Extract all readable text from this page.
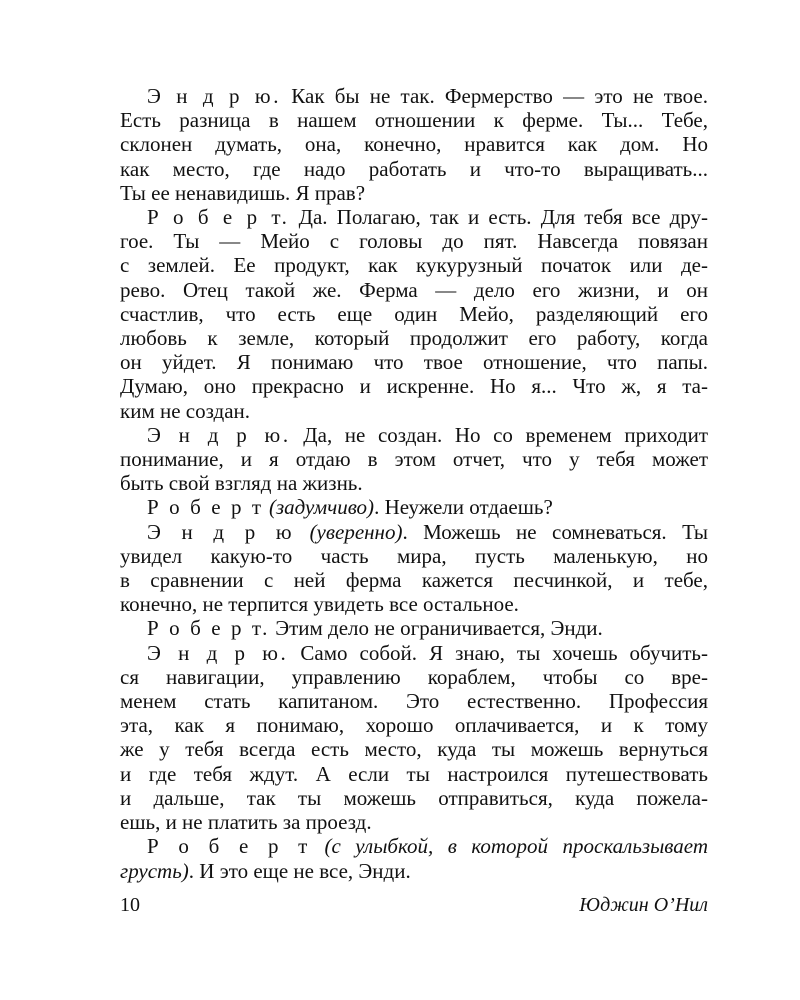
Э н д р ю. Как бы не так. Фермерство — это не твое.
Есть разница в нашем отношении к ферме. Ты... Тебе,
склонен думать, она, конечно, нравится как дом. Но
как место, где надо работать и что-то выращивать...
Ты ее ненавидишь. Я прав?

Р о б е р т. Да. Полагаю, так и есть. Для тебя все дру-
гое. Ты — Мейо с головы до пят. Навсегда повязан
с землей. Ее продукт, как кукурузный початок или де-
рево. Отец такой же. Ферма — дело его жизни, и он
счастлив, что есть еще один Мейо, разделяющий его
любовь к земле, который продолжит его работу, когда
он уйдет. Я понимаю что твое отношение, что папы.
Думаю, оно прекрасно и искренне. Но я... Что ж, я та-
ким не создан.

Э н д р ю. Да, не создан. Но со временем приходит
понимание, и я отдаю в этом отчет, что у тебя может
быть свой взгляд на жизнь.

Р о б е р т (задумчиво). Неужели отдаешь?

Э н д р ю (уверенно). Можешь не сомневаться. Ты
увидел какую-то часть мира, пусть маленькую, но
в сравнении с ней ферма кажется песчинкой, и тебе,
конечно, не терпится увидеть все остальное.

Р о б е р т. Этим дело не ограничивается, Энди.

Э н д р ю. Само собой. Я знаю, ты хочешь обучить-
ся навигации, управлению кораблем, чтобы со вре-
менем стать капитаном. Это естественно. Профессия
эта, как я понимаю, хорошо оплачивается, и к тому
же у тебя всегда есть место, куда ты можешь вернуться
и где тебя ждут. А если ты настроился путешествовать
и дальше, так ты можешь отправиться, куда пожела-
ешь, и не платить за проезд.

Р о б е р т (с улыбкой, в которой проскальзывает
грусть). И это еще не все, Энди.

10	Юджин О’Нил
